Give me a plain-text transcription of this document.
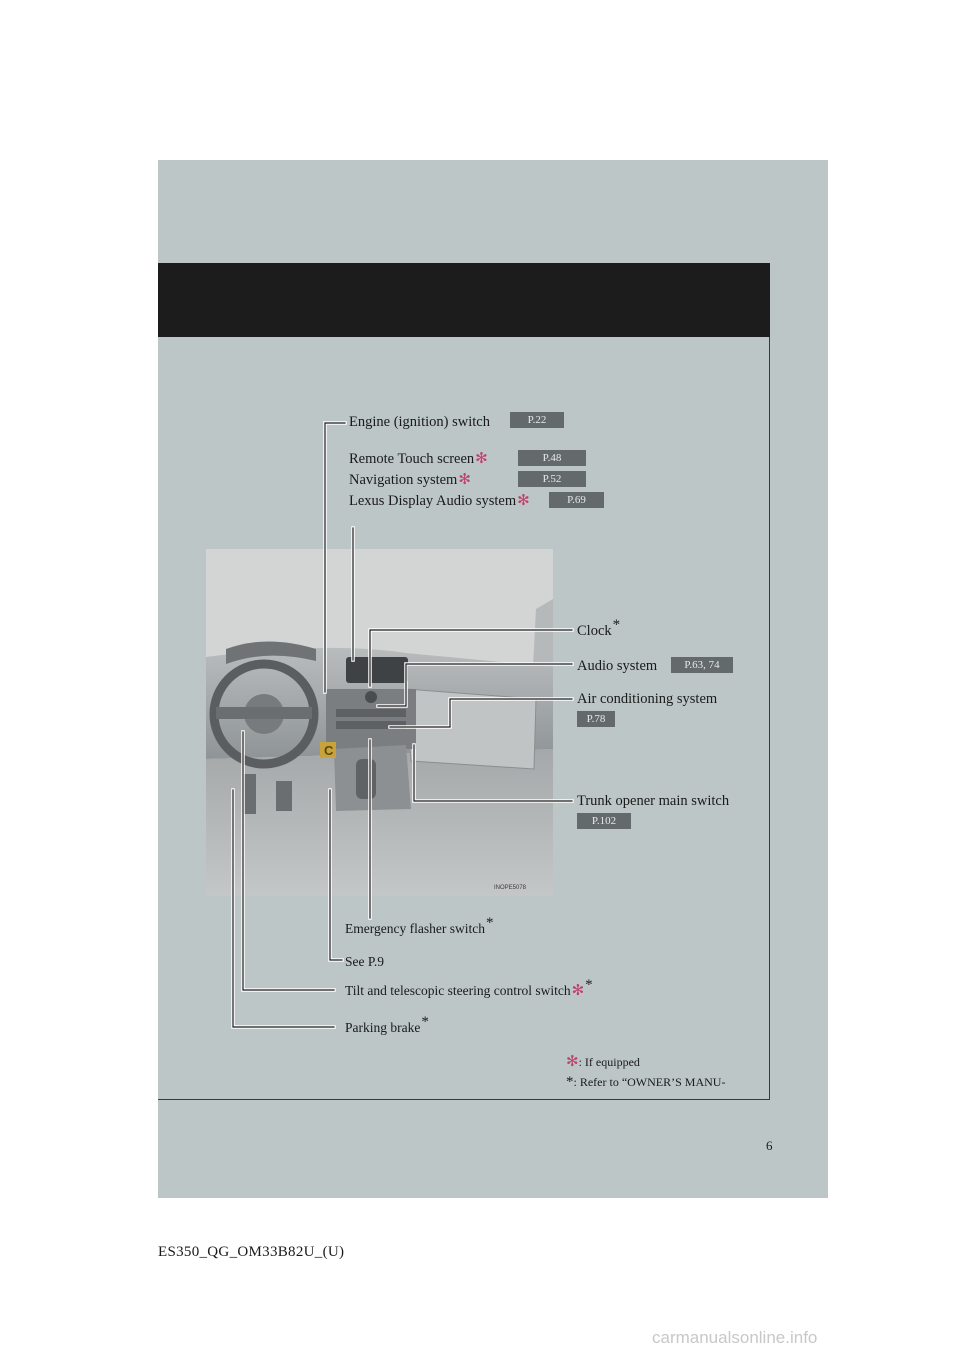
C
INOPE5078
Engine (ignition) switch	P.22
Remote Touch screen✻	P.48
Navigation system✻	P.52
Lexus Display Audio system✻	P.69
Clock*
Audio system	P.63, 74
Air conditioning system
P.78
Trunk opener main switch
P.102
Emergency flasher switch*
See P.9
Tilt and telescopic steering control switch✻*
Parking brake*
✻: If equipped
*: Refer to “OWNER’S MANU-
6
ES350_QG_OM33B82U_(U)
carmanualsonline.info
